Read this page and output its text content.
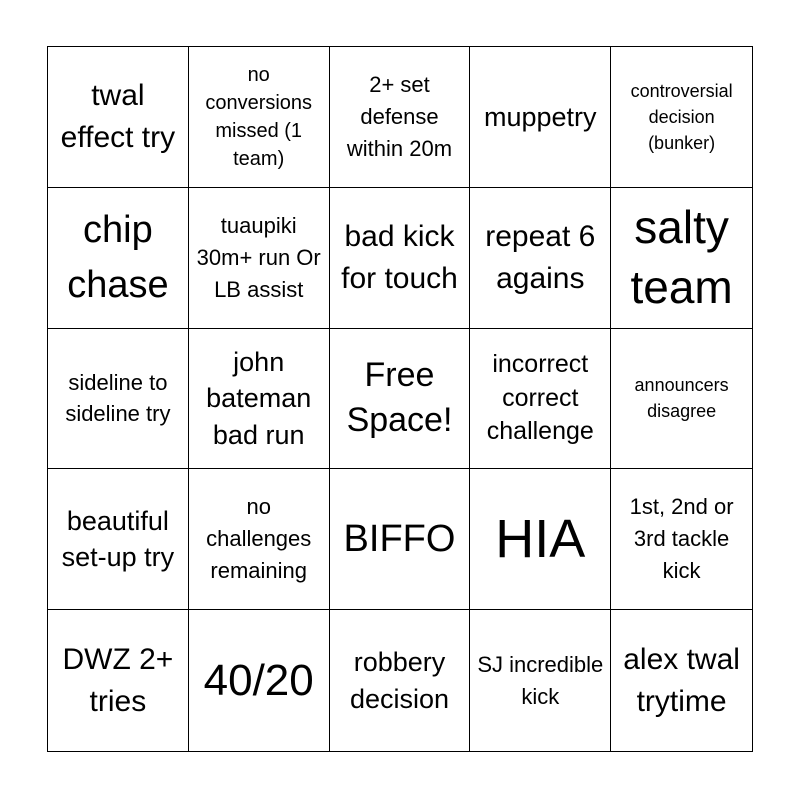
twal effect try
no conversions missed (1 team)
2+ set defense within 20m
muppetry
controversial decision (bunker)
chip chase
tuaupiki 30m+ run Or LB assist
bad kick for touch
repeat 6 agains
salty team
sideline to sideline try
john bateman bad run
Free Space!
incorrect correct challenge
announcers disagree
beautiful set-up try
no challenges remaining
BIFFO HIA
1st, 2nd or 3rd tackle kick
DWZ 2+ tries	40/20	robbery decision
SJ incredible kick
alex twal trytime
